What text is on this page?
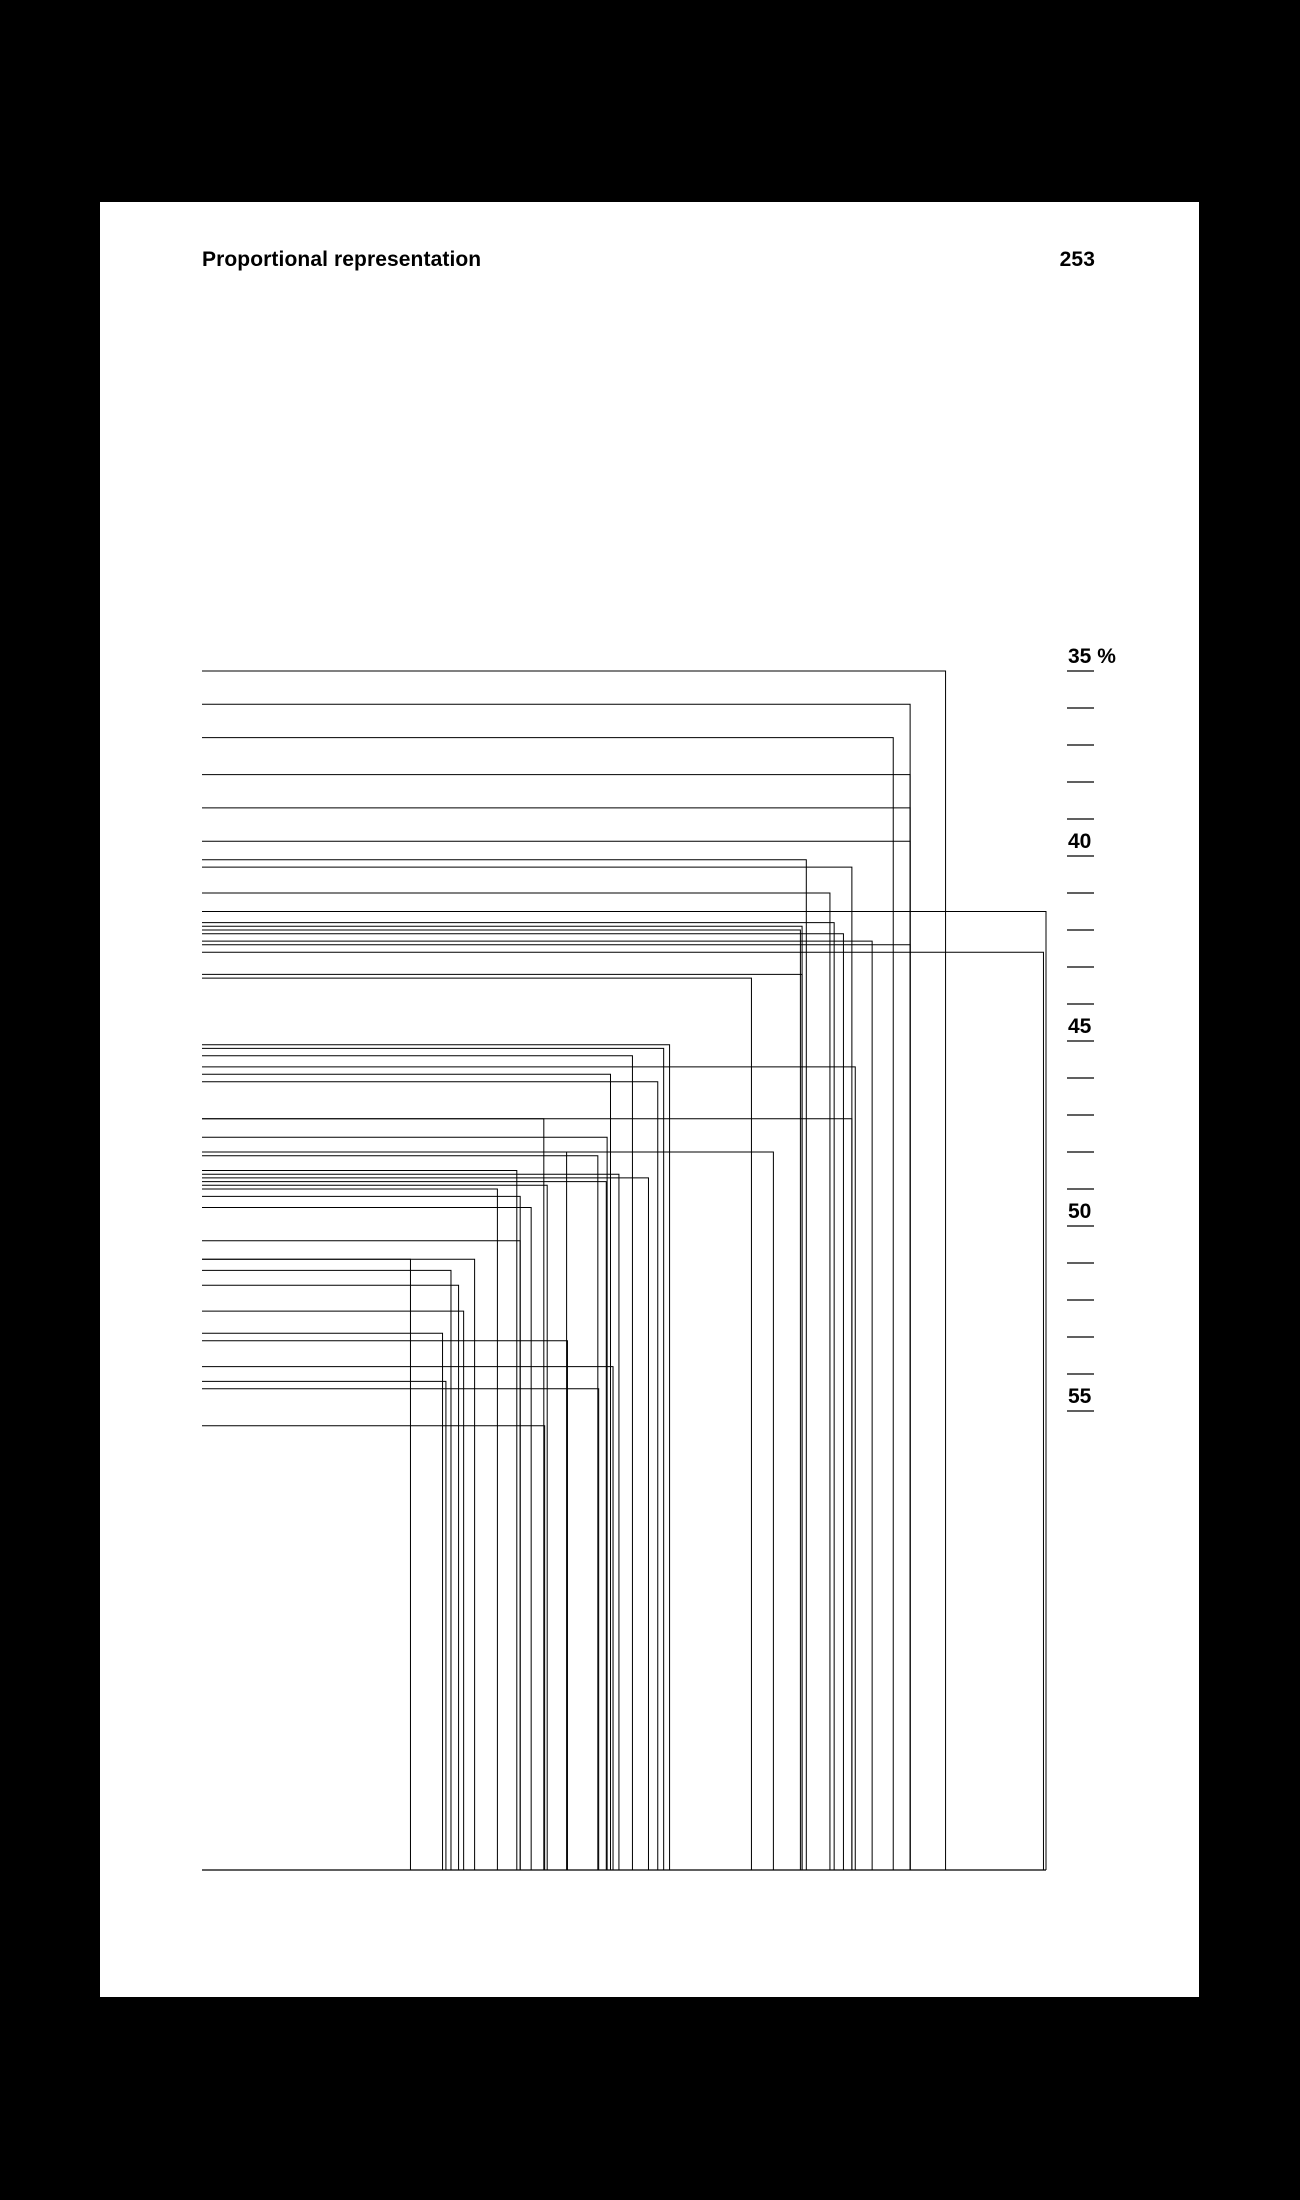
Proportional representation	253
35 %
40
45
50
55
